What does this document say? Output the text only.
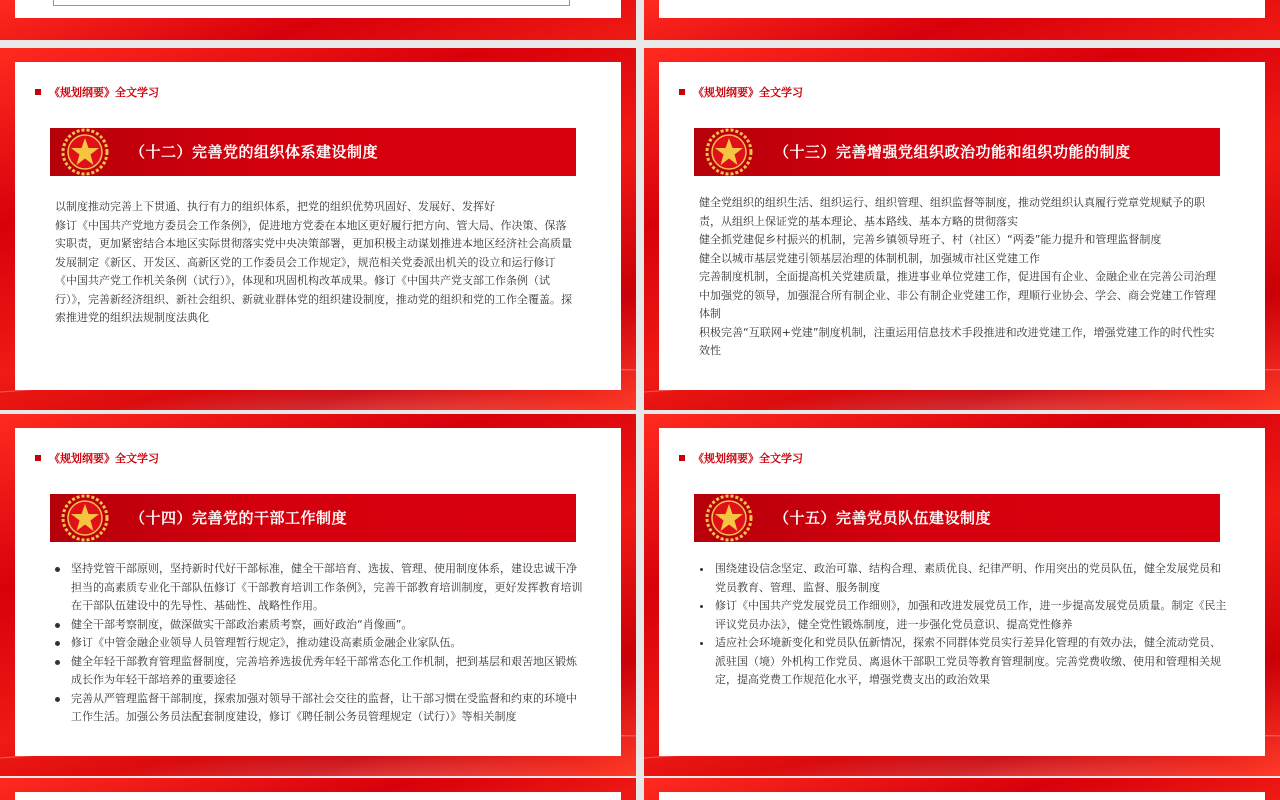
《规划纲要》全文学习
（十二）完善党的组织体系建设制度

以制度推动完善上下贯通、执行有力的组织体系，把党的组织优势巩固好、发展好、发挥好

修订《中国共产党地方委员会工作条例》，促进地方党委在本地区更好履行把方向、管大局、作决策、保落实职责，更加紧密结合本地区实际贯彻落实党中央决策部署，更加积极主动谋划推进本地区经济社会高质量发展制定《新区、开发区、高新区党的工作委员会工作规定》，规范相关党委派出机关的设立和运行修订《中国共产党工作机关条例（试行）》，体现和巩固机构改革成果。修订《中国共产党支部工作条例（试行）》，完善新经济组织、新社会组织、新就业群体党的组织建设制度，推动党的组织和党的工作全覆盖。探索推进党的组织法规制度法典化

《规划纲要》全文学习
（十三）完善增强党组织政治功能和组织功能的制度

健全党组织的组织生活、组织运行、组织管理、组织监督等制度，推动党组织认真履行党章党规赋予的职责，从组织上保证党的基本理论、基本路线、基本方略的贯彻落实

健全抓党建促乡村振兴的机制，完善乡镇领导班子、村（社区）“两委”能力提升和管理监督制度

健全以城市基层党建引领基层治理的体制机制，加强城市社区党建工作

完善制度机制，全面提高机关党建质量，推进事业单位党建工作，促进国有企业、金融企业在完善公司治理中加强党的领导，加强混合所有制企业、非公有制企业党建工作，理顺行业协会、学会、商会党建工作管理体制

积极完善“互联网+党建”制度机制，注重运用信息技术手段推进和改进党建工作，增强党建工作的时代性实效性

《规划纲要》全文学习
（十四）完善党的干部工作制度
坚持党管干部原则，坚持新时代好干部标准，健全干部培育、选拔、管理、使用制度体系，建设忠诚干净担当的高素质专业化干部队伍修订《干部教育培训工作条例》，完善干部教育培训制度，更好发挥教育培训在干部队伍建设中的先导性、基础性、战略性作用。
健全干部考察制度，做深做实干部政治素质考察，画好政治“肖像画”。
修订《中管金融企业领导人员管理暂行规定》，推动建设高素质金融企业家队伍。
健全年轻干部教育管理监督制度，完善培养选拔优秀年轻干部常态化工作机制，把到基层和艰苦地区锻炼成长作为年轻干部培养的重要途径
完善从严管理监督干部制度，探索加强对领导干部社会交往的监督，让干部习惯在受监督和约束的环境中工作生活。加强公务员法配套制度建设，修订《聘任制公务员管理规定（试行）》等相关制度
《规划纲要》全文学习
（十五）完善党员队伍建设制度
围绕建设信念坚定、政治可靠、结构合理、素质优良、纪律严明、作用突出的党员队伍，健全发展党员和党员教育、管理、监督、服务制度
修订《中国共产党发展党员工作细则》，加强和改进发展党员工作，进一步提高发展党员质量。制定《民主评议党员办法》，健全党性锻炼制度，进一步强化党员意识、提高党性修养
适应社会环境新变化和党员队伍新情况，探索不同群体党员实行差异化管理的有效办法，健全流动党员、派驻国（境）外机构工作党员、离退休干部职工党员等教育管理制度。完善党费收缴、使用和管理相关规定，提高党费工作规范化水平，增强党费支出的政治效果
